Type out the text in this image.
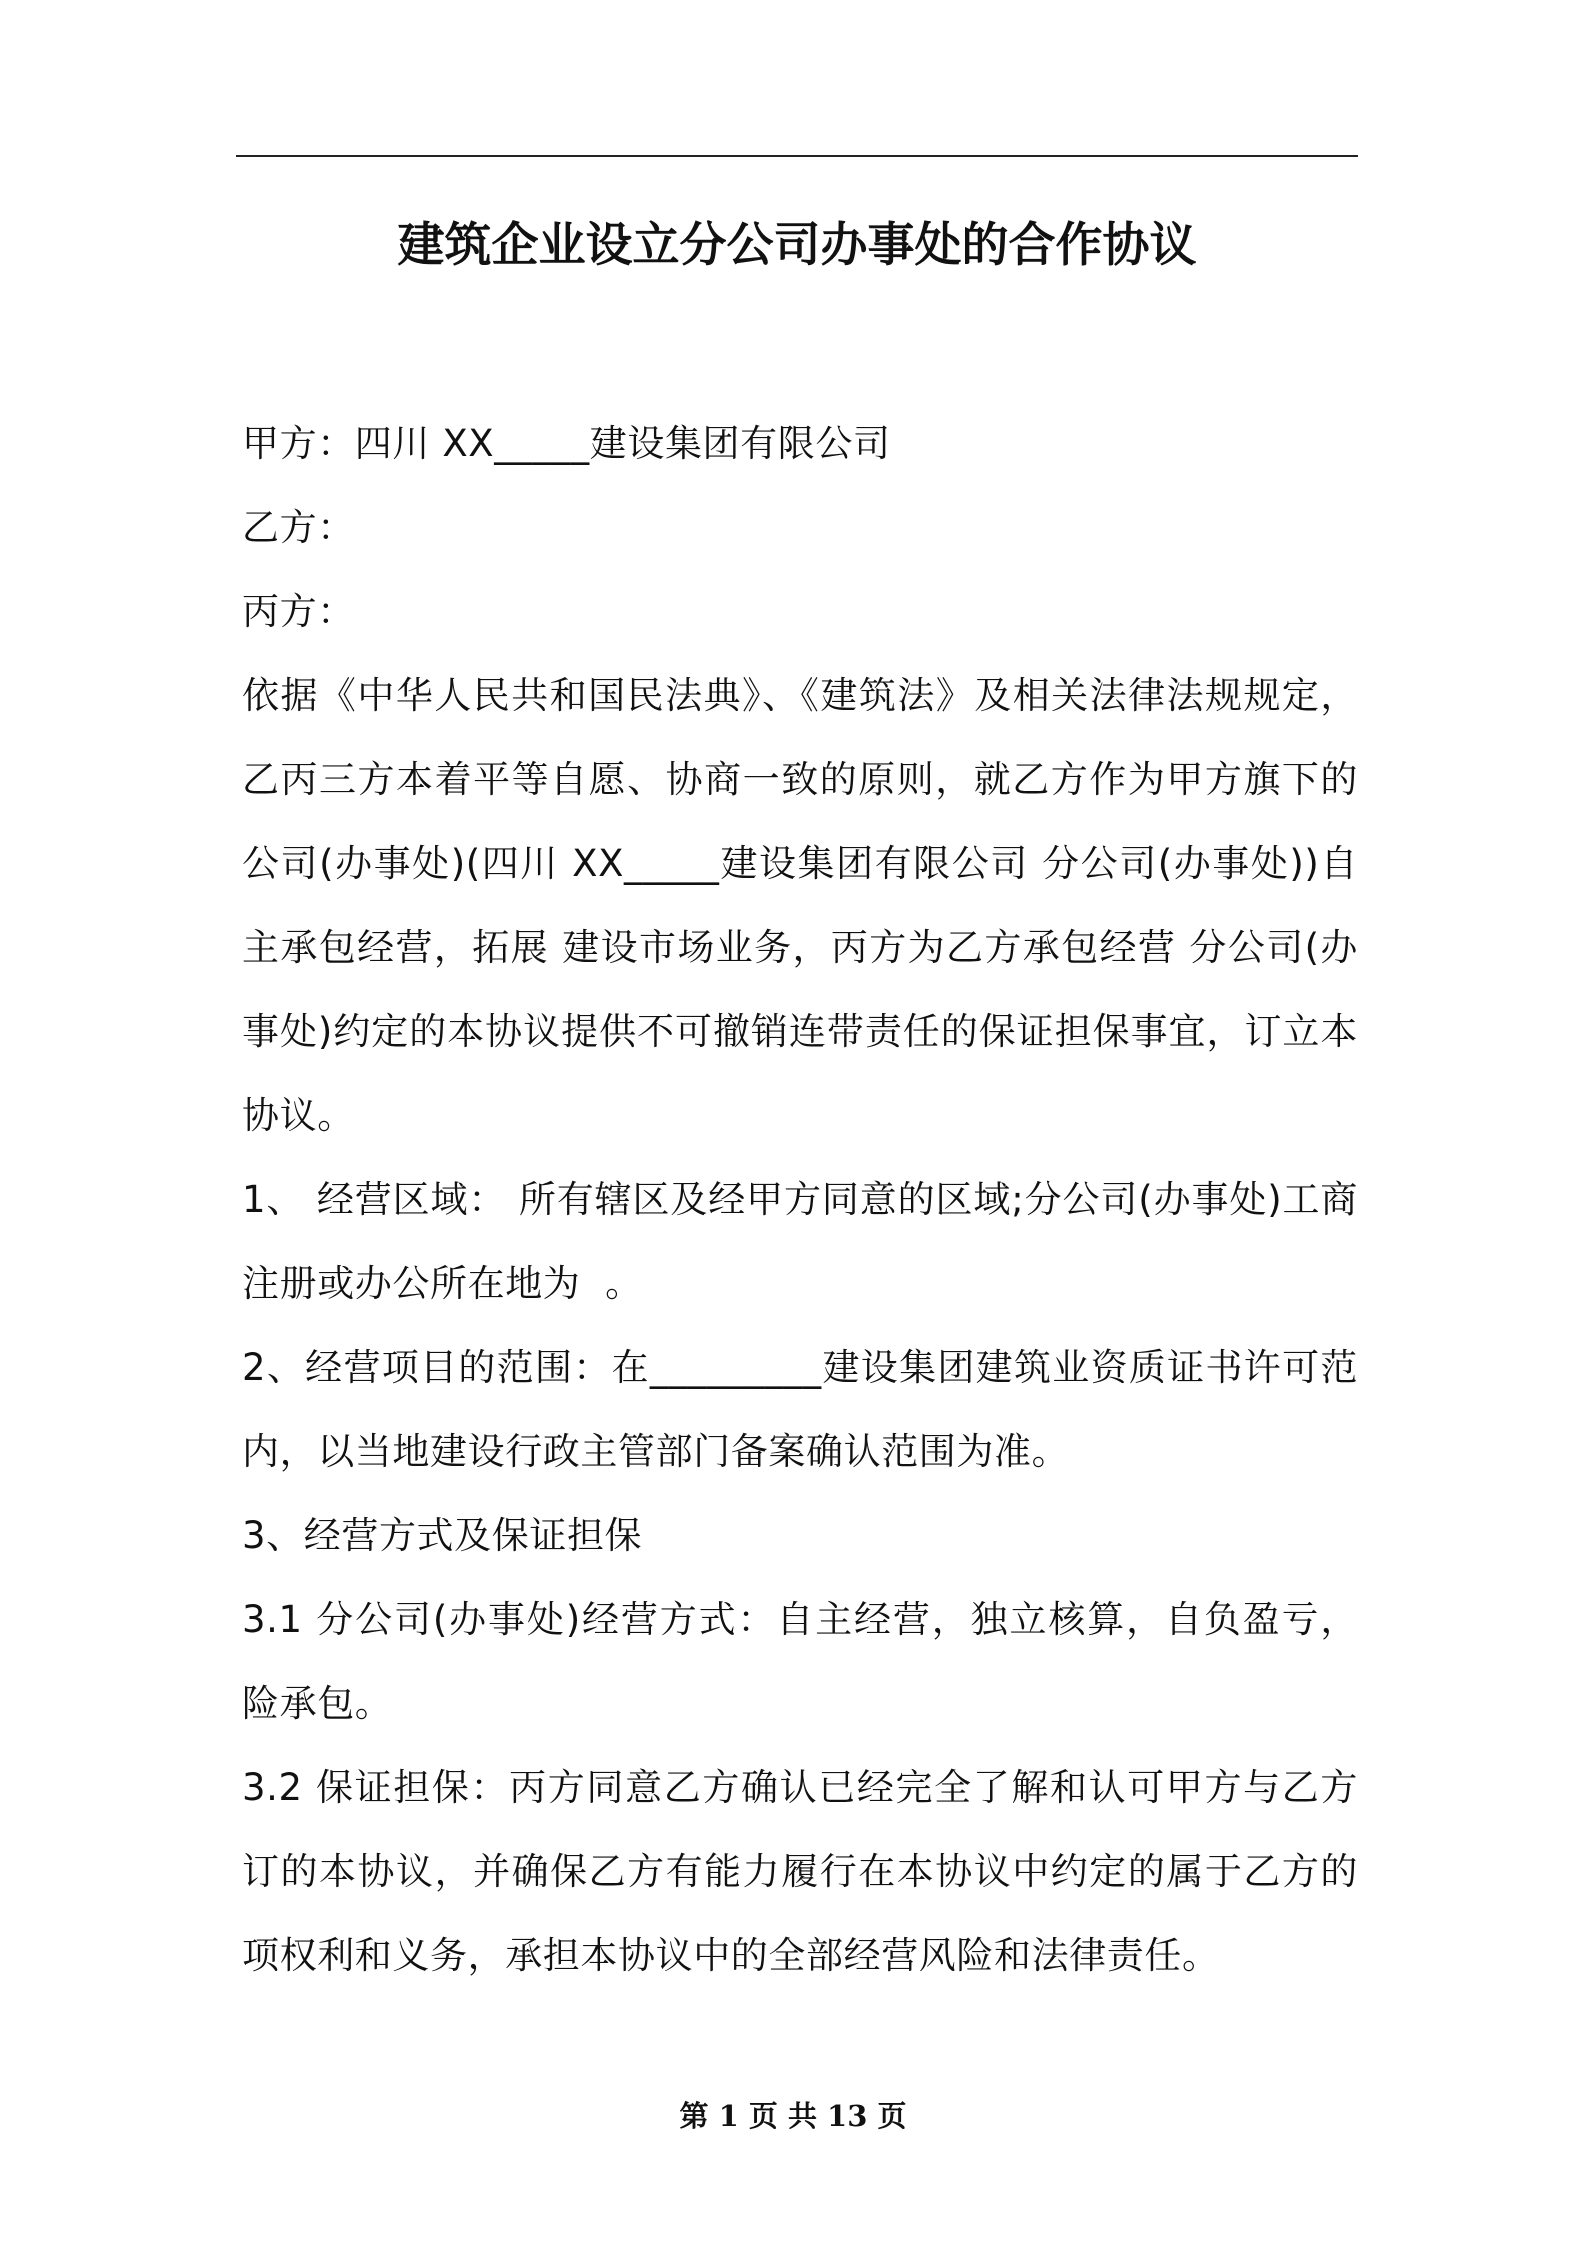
建筑企业设立分公司办事处的合作协议
甲方：四川 XX_____建设集团有限公司
乙方：
丙方：
依据《中华人民共和国民法典》、《建筑法》及相关法律法规规定，
乙丙三方本着平等自愿、协商一致的原则，就乙方作为甲方旗下的
公司(办事处)(四川 XX_____建设集团有限公司 分公司(办事处))自
主承包经营，拓展 建设市场业务，丙方为乙方承包经营 分公司(办
事处)约定的本协议提供不可撤销连带责任的保证担保事宜，订立本
协议。
1、 经营区域： 所有辖区及经甲方同意的区域;分公司(办事处)工商
注册或办公所在地为  。
2、经营项目的范围：在_________建设集团建筑业资质证书许可范
内，以当地建设行政主管部门备案确认范围为准。
3、经营方式及保证担保
3.1 分公司(办事处)经营方式：自主经营，独立核算，自负盈亏，
险承包。
3.2 保证担保：丙方同意乙方确认已经完全了解和认可甲方与乙方
订的本协议，并确保乙方有能力履行在本协议中约定的属于乙方的
项权利和义务，承担本协议中的全部经营风险和法律责任。
第 1 页 共 13 页
